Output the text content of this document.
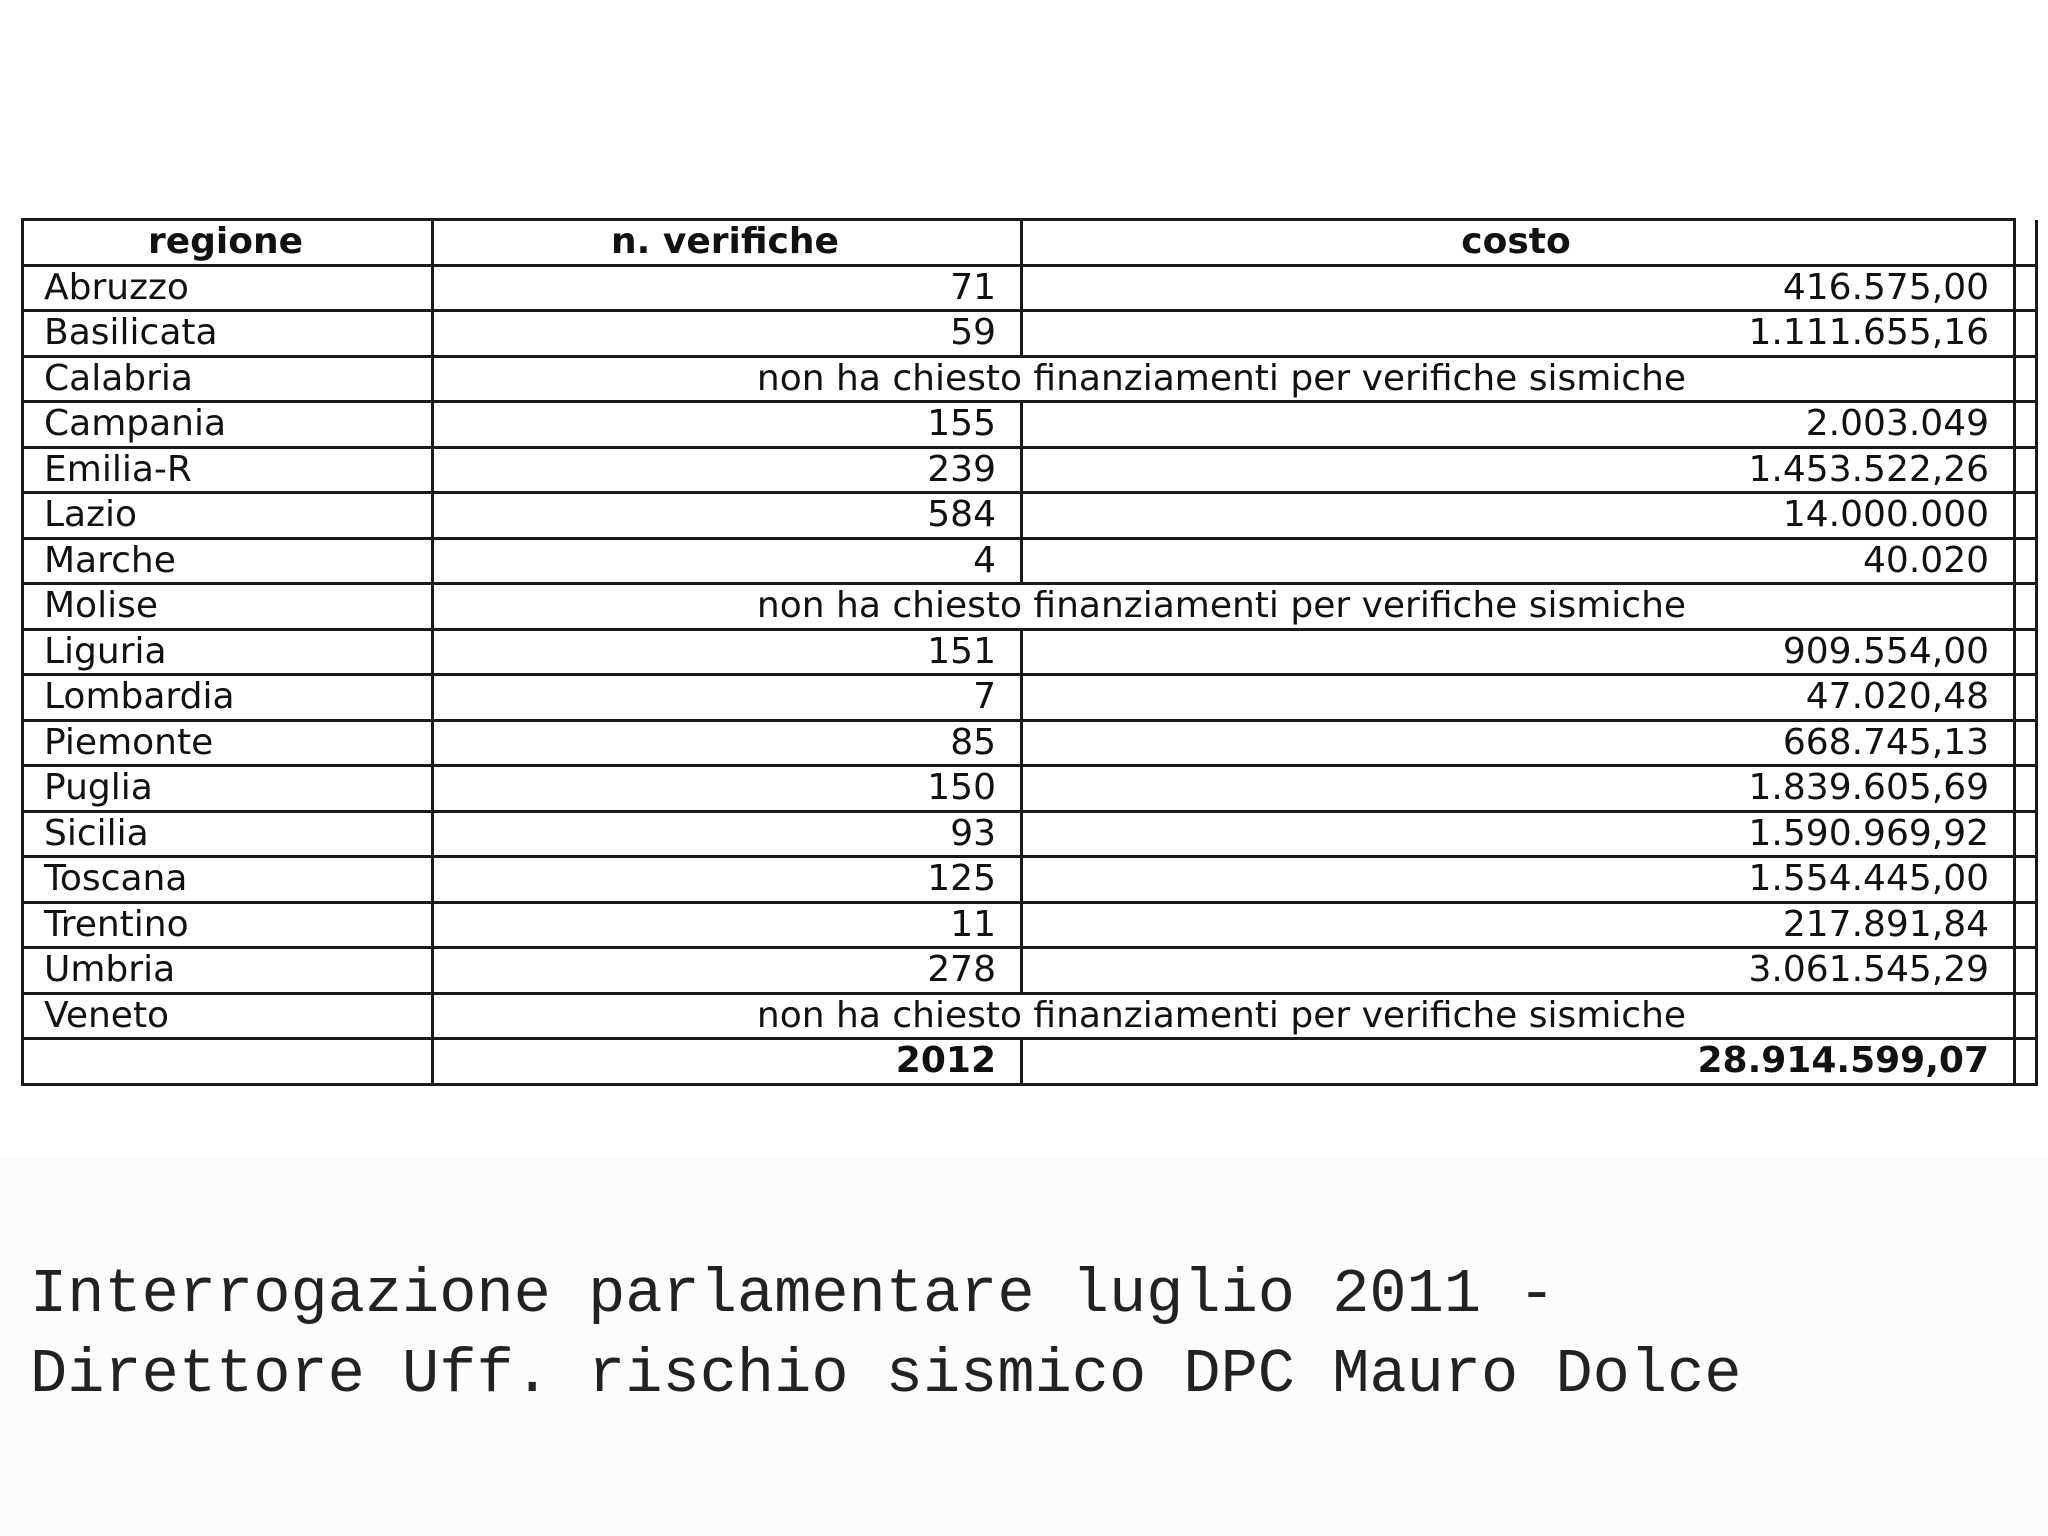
regione	n. verifiche	costo	
Abruzzo	71	416.575,00	
Basilicata	59	1.111.655,16	
Calabria	non ha chiesto finanziamenti per verifiche sismiche		
Campania	155	2.003.049	
Emilia-R	239	1.453.522,26	
Lazio	584	14.000.000	
Marche	4	40.020	
Molise	non ha chiesto finanziamenti per verifiche sismiche		
Liguria	151	909.554,00	
Lombardia	7	47.020,48	
Piemonte	85	668.745,13	
Puglia	150	1.839.605,69	
Sicilia	93	1.590.969,92	
Toscana	125	1.554.445,00	
Trentino	11	217.891,84	
Umbria	278	3.061.545,29	
Veneto	non ha chiesto finanziamenti per verifiche sismiche		
	2012	28.914.599,07	
Interrogazione parlamentare luglio 2011 -
Direttore Uff. rischio sismico DPC Mauro Dolce
